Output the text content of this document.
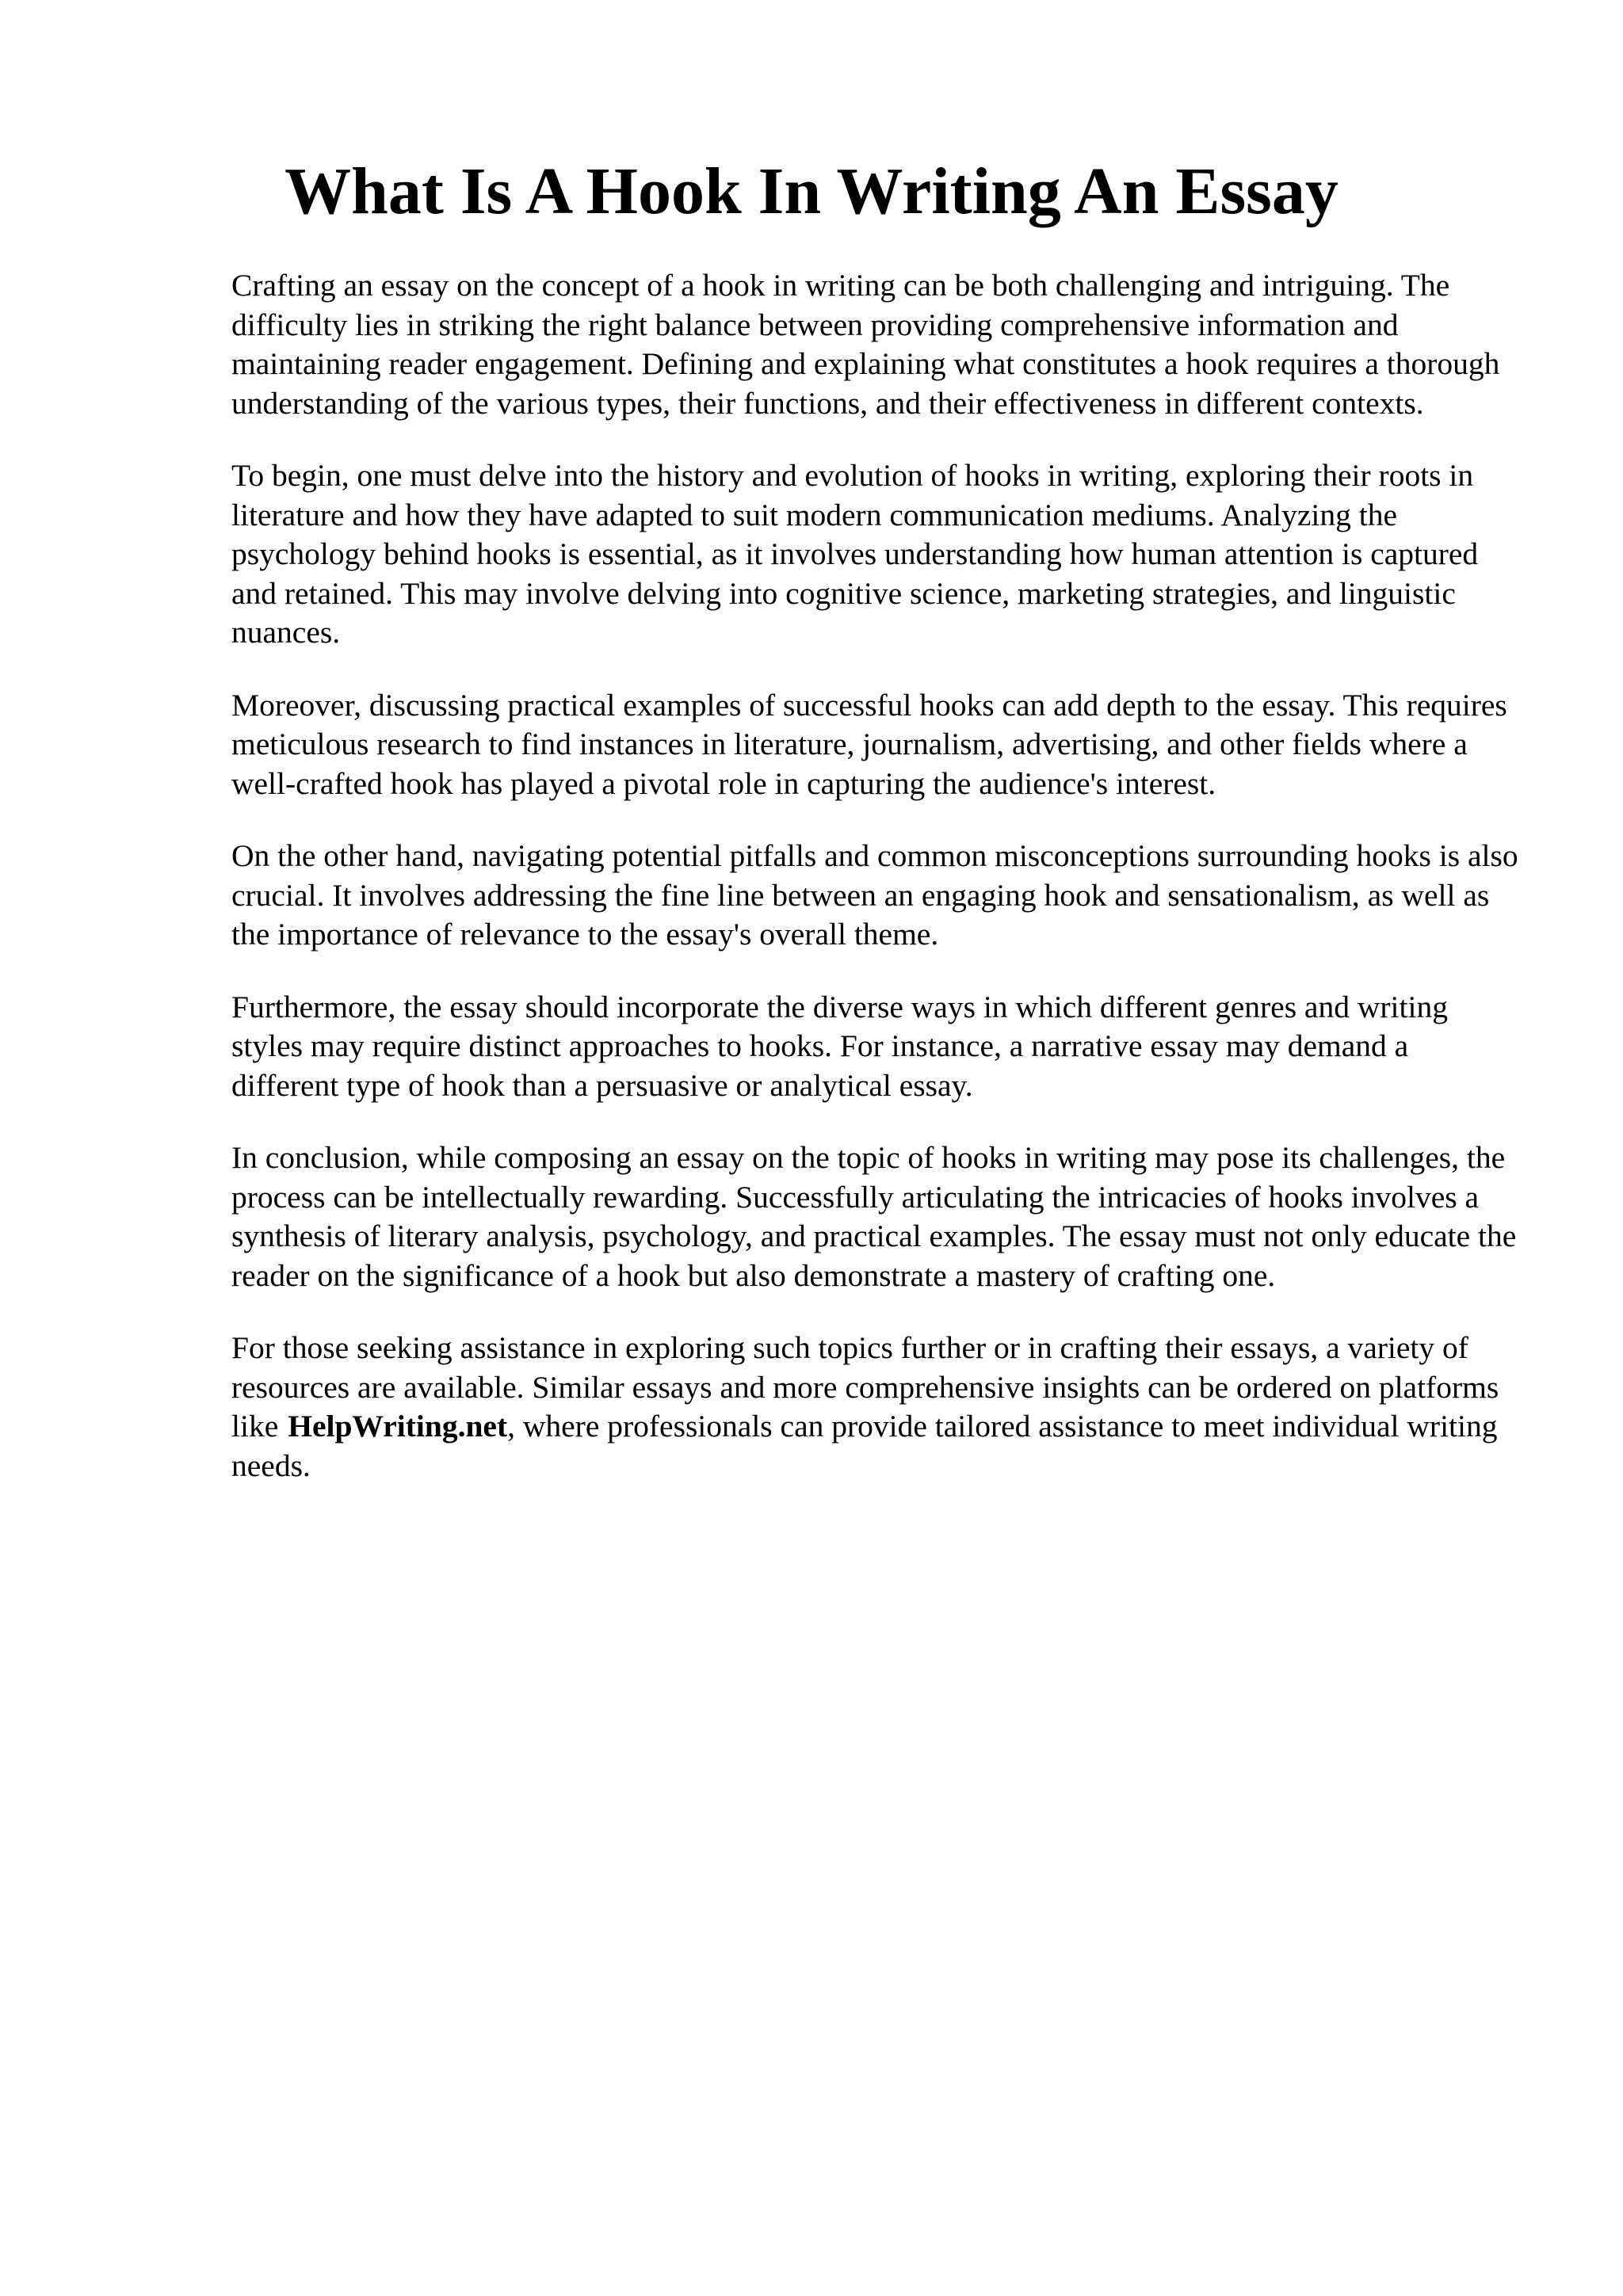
What Is A Hook In Writing An Essay

Crafting an essay on the concept of a hook in writing can be both challenging and intriguing. The difficulty lies in striking the right balance between providing comprehensive information and maintaining reader engagement. Defining and explaining what constitutes a hook requires a thorough understanding of the various types, their functions, and their effectiveness in different contexts.

To begin, one must delve into the history and evolution of hooks in writing, exploring their roots in literature and how they have adapted to suit modern communication mediums. Analyzing the psychology behind hooks is essential, as it involves understanding how human attention is captured and retained. This may involve delving into cognitive science, marketing strategies, and linguistic nuances.

Moreover, discussing practical examples of successful hooks can add depth to the essay. This requires meticulous research to find instances in literature, journalism, advertising, and other fields where a well-crafted hook has played a pivotal role in capturing the audience's interest.

On the other hand, navigating potential pitfalls and common misconceptions surrounding hooks is also crucial. It involves addressing the fine line between an engaging hook and sensationalism, as well as the importance of relevance to the essay's overall theme.

Furthermore, the essay should incorporate the diverse ways in which different genres and writing styles may require distinct approaches to hooks. For instance, a narrative essay may demand a different type of hook than a persuasive or analytical essay.

In conclusion, while composing an essay on the topic of hooks in writing may pose its challenges, the process can be intellectually rewarding. Successfully articulating the intricacies of hooks involves a synthesis of literary analysis, psychology, and practical examples. The essay must not only educate the reader on the significance of a hook but also demonstrate a mastery of crafting one.

For those seeking assistance in exploring such topics further or in crafting their essays, a variety of resources are available. Similar essays and more comprehensive insights can be ordered on platforms like HelpWriting.net, where professionals can provide tailored assistance to meet individual writing needs.
